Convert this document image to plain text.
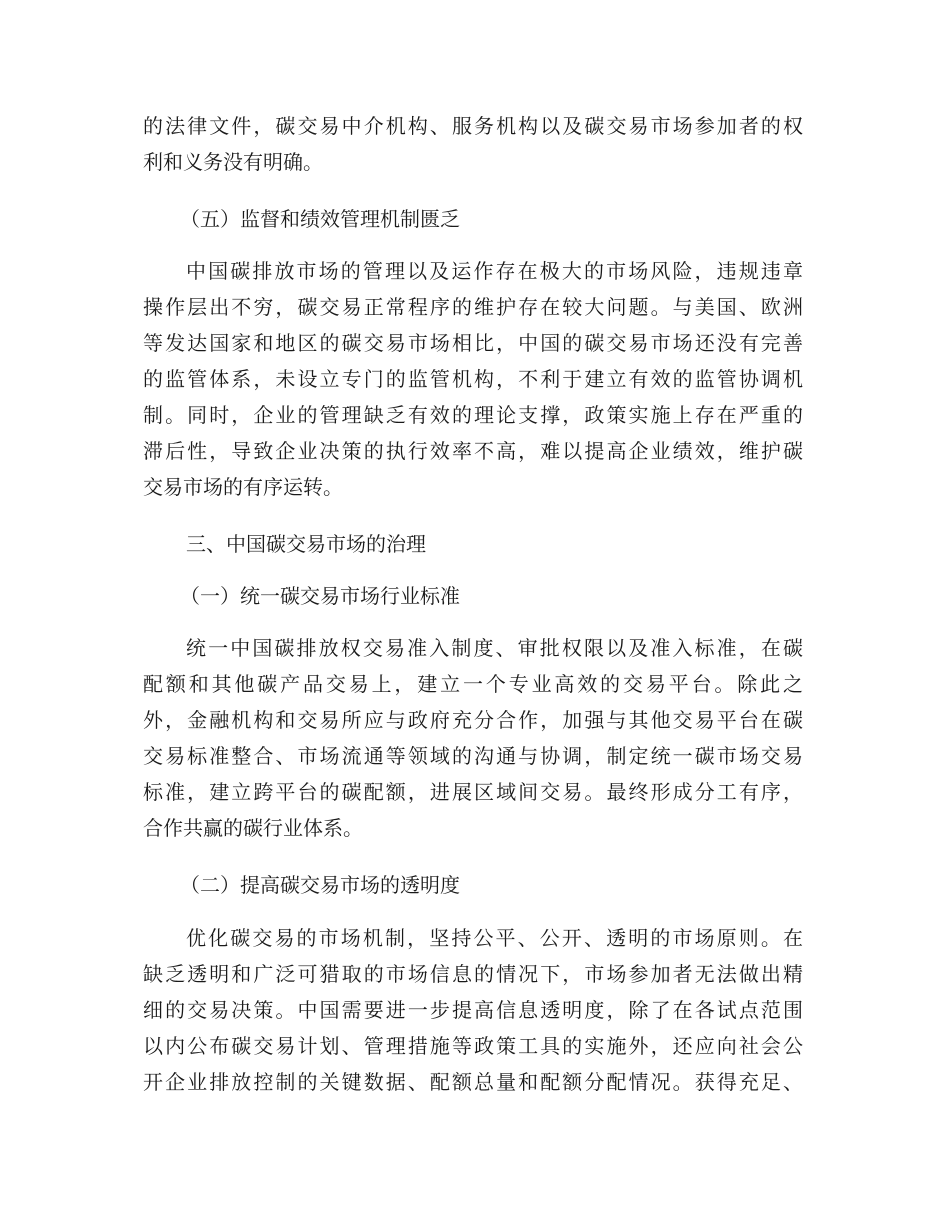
的法律文件，碳交易中介机构、服务机构以及碳交易市场参加者的权
利和义务没有明确。
（五）监督和绩效管理机制匮乏
中国碳排放市场的管理以及运作存在极大的市场风险，违规违章
操作层出不穷，碳交易正常程序的维护存在较大问题。与美国、欧洲
等发达国家和地区的碳交易市场相比，中国的碳交易市场还没有完善
的监管体系，未设立专门的监管机构，不利于建立有效的监管协调机
制。同时，企业的管理缺乏有效的理论支撑，政策实施上存在严重的
滞后性，导致企业决策的执行效率不高，难以提高企业绩效，维护碳
交易市场的有序运转。
三、中国碳交易市场的治理
（一）统一碳交易市场行业标准
统一中国碳排放权交易准入制度、审批权限以及准入标准，在碳
配额和其他碳产品交易上，建立一个专业高效的交易平台。除此之
外，金融机构和交易所应与政府充分合作，加强与其他交易平台在碳
交易标准整合、市场流通等领域的沟通与协调，制定统一碳市场交易
标准，建立跨平台的碳配额，进展区域间交易。最终形成分工有序，
合作共赢的碳行业体系。
（二）提高碳交易市场的透明度
优化碳交易的市场机制，坚持公平、公开、透明的市场原则。在
缺乏透明和广泛可猎取的市场信息的情况下，市场参加者无法做出精
细的交易决策。中国需要进一步提高信息透明度，除了在各试点范围
以内公布碳交易计划、管理措施等政策工具的实施外，还应向社会公
开企业排放控制的关键数据、配额总量和配额分配情况。获得充足、
